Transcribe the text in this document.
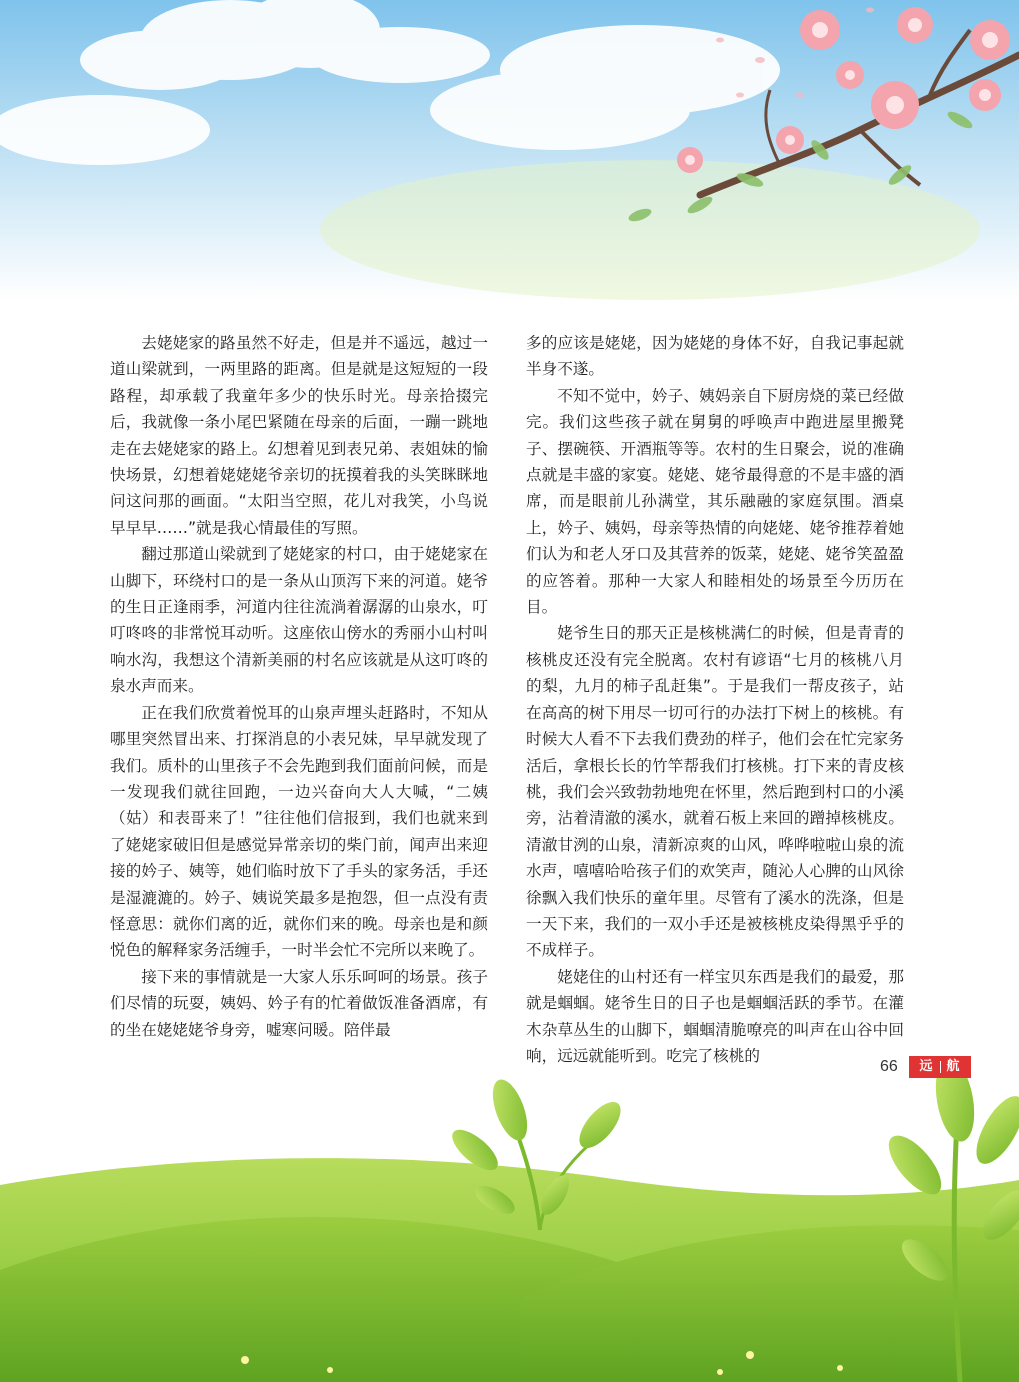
去姥姥家的路虽然不好走，但是并不遥远，越过一道山梁就到，一两里路的距离。但是就是这短短的一段路程，却承载了我童年多少的快乐时光。母亲拾掇完后，我就像一条小尾巴紧随在母亲的后面，一蹦一跳地走在去姥姥家的路上。幻想着见到表兄弟、表姐妹的愉快场景，幻想着姥姥姥爷亲切的抚摸着我的头笑眯眯地问这问那的画面。“太阳当空照，花儿对我笑，小鸟说早早早……”就是我心情最佳的写照。

翻过那道山梁就到了姥姥家的村口，由于姥姥家在山脚下，环绕村口的是一条从山顶泻下来的河道。姥爷的生日正逢雨季，河道内往往流淌着潺潺的山泉水，叮叮咚咚的非常悦耳动听。这座依山傍水的秀丽小山村叫响水沟，我想这个清新美丽的村名应该就是从这叮咚的泉水声而来。

正在我们欣赏着悦耳的山泉声埋头赶路时，不知从哪里突然冒出来、打探消息的小表兄妹，早早就发现了我们。质朴的山里孩子不会先跑到我们面前问候，而是一发现我们就往回跑，一边兴奋向大人大喊，“二姨（姑）和表哥来了！”往往他们信报到，我们也就来到了姥姥家破旧但是感觉异常亲切的柴门前，闻声出来迎接的妗子、姨等，她们临时放下了手头的家务活，手还是湿漉漉的。妗子、姨说笑最多是抱怨，但一点没有责怪意思：就你们离的近，就你们来的晚。母亲也是和颜悦色的解释家务活缠手，一时半会忙不完所以来晚了。

接下来的事情就是一大家人乐乐呵呵的场景。孩子们尽情的玩耍，姨妈、妗子有的忙着做饭准备酒席，有的坐在姥姥姥爷身旁，嘘寒问暖。陪伴最

多的应该是姥姥，因为姥姥的身体不好，自我记事起就半身不遂。

不知不觉中，妗子、姨妈亲自下厨房烧的菜已经做完。我们这些孩子就在舅舅的呼唤声中跑进屋里搬凳子、摆碗筷、开酒瓶等等。农村的生日聚会，说的准确点就是丰盛的家宴。姥姥、姥爷最得意的不是丰盛的酒席，而是眼前儿孙满堂，其乐融融的家庭氛围。酒桌上，妗子、姨妈，母亲等热情的向姥姥、姥爷推荐着她们认为和老人牙口及其营养的饭菜，姥姥、姥爷笑盈盈的应答着。那种一大家人和睦相处的场景至今历历在目。

姥爷生日的那天正是核桃满仁的时候，但是青青的核桃皮还没有完全脱离。农村有谚语“七月的核桃八月的梨，九月的柿子乱赶集”。于是我们一帮皮孩子，站在高高的树下用尽一切可行的办法打下树上的核桃。有时候大人看不下去我们费劲的样子，他们会在忙完家务活后，拿根长长的竹竿帮我们打核桃。打下来的青皮核桃，我们会兴致勃勃地兜在怀里，然后跑到村口的小溪旁，沾着清澈的溪水，就着石板上来回的蹭掉核桃皮。清澈甘洌的山泉，清新凉爽的山风，哗哗啦啦山泉的流水声，嘻嘻哈哈孩子们的欢笑声，随沁人心脾的山风徐徐飘入我们快乐的童年里。尽管有了溪水的洗涤，但是一天下来，我们的一双小手还是被核桃皮染得黑乎乎的不成样子。

姥姥住的山村还有一样宝贝东西是我们的最爱，那就是蝈蝈。姥爷生日的日子也是蝈蝈活跃的季节。在灌木杂草丛生的山脚下，蝈蝈清脆嘹亮的叫声在山谷中回响，远远就能听到。吃完了核桃的

66	远 航
